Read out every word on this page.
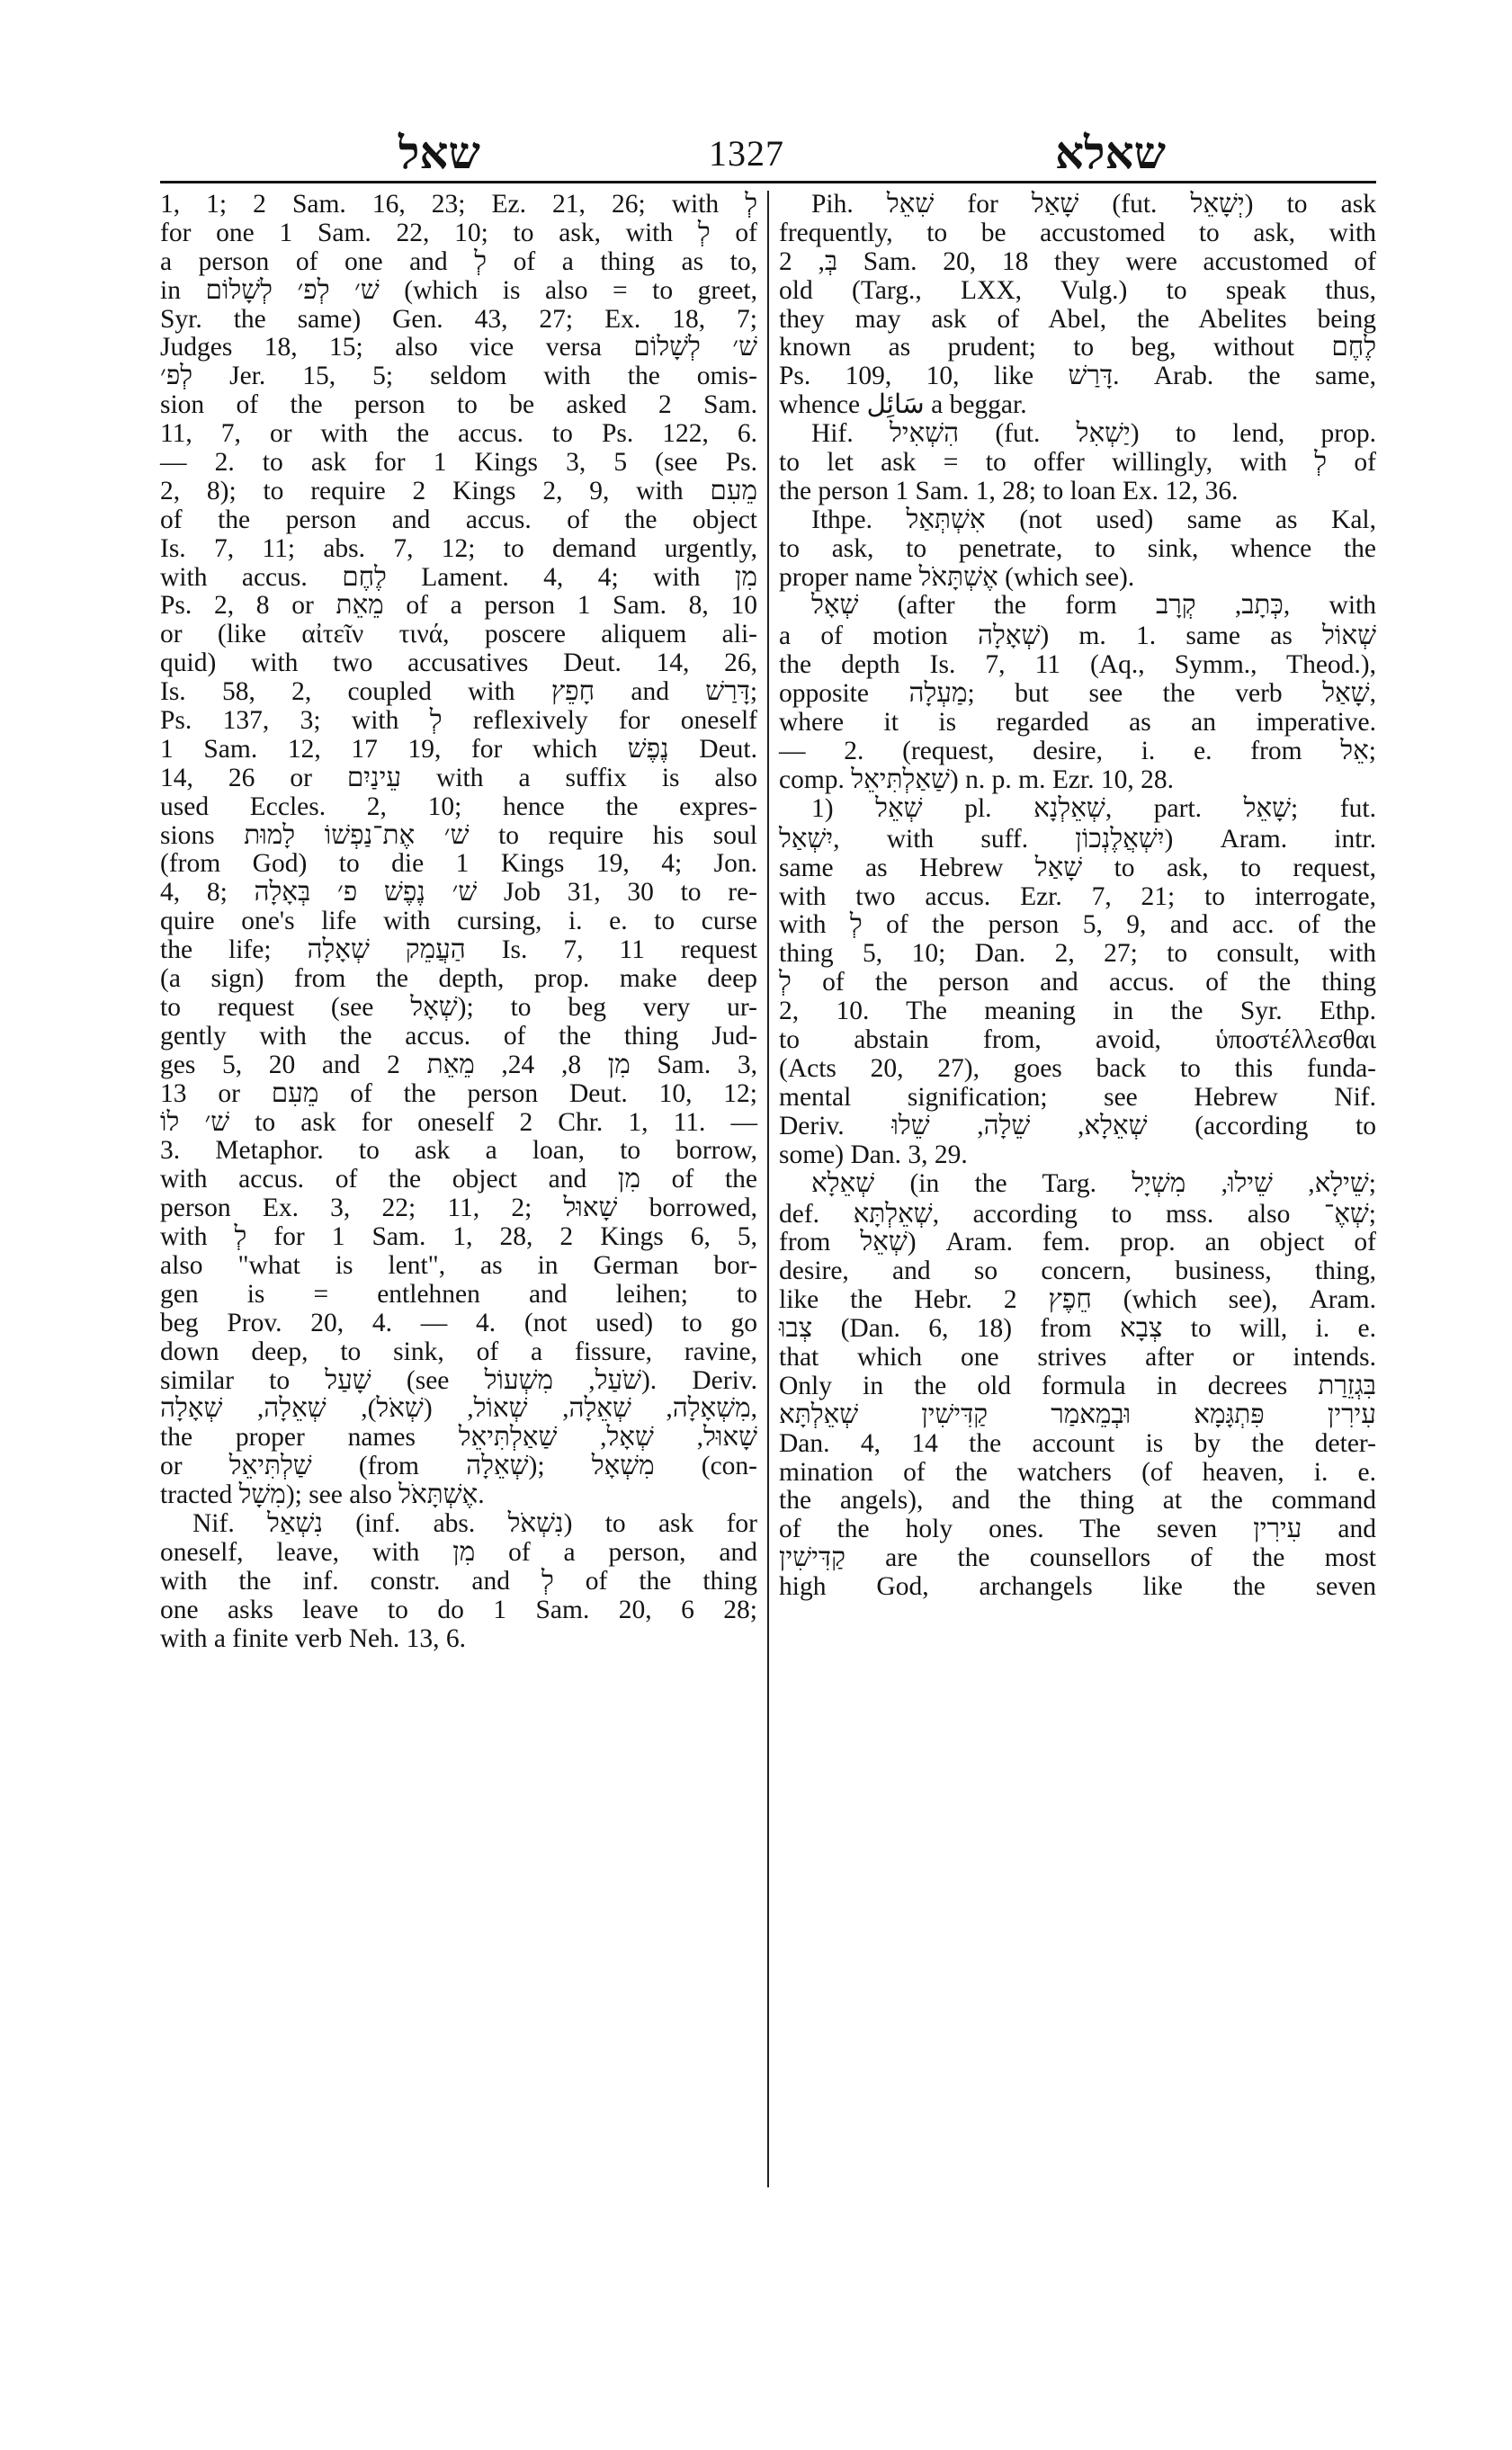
שאל	1327	שאלא
1, 1; 2 Sam. 16, 23; Ez. 21, 26; with לְ
for one 1 Sam. 22, 10; to ask, with לְ of
a person of one and לְ of a thing as to,
in שׁ׳ לְפ׳ לְשָׁלוֹם (which is also = to greet,
Syr. the same) Gen. 43, 27; Ex. 18, 7;
Judges 18, 15; also vice versa שׁ׳ לְשָׁלוֹם
לְפ׳ Jer. 15, 5; seldom with the omis-
sion of the person to be asked 2 Sam.
11, 7, or with the accus. to Ps. 122, 6.
— 2. to ask for 1 Kings 3, 5 (see Ps.
2, 8); to require 2 Kings 2, 9, with מֵעִם
of the person and accus. of the object
Is. 7, 11; abs. 7, 12; to demand urgently,
with accus. לֶחֶם Lament. 4, 4; with מִן
Ps. 2, 8 or מֵאֵת of a person 1 Sam. 8, 10
or (like αἰτεῖν τινά, poscere aliquem ali-
quid) with two accusatives Deut. 14, 26,
Is. 58, 2, coupled with חָפֵץ and דָּרַשׁ;
Ps. 137, 3; with לְ reflexively for oneself
1 Sam. 12, 17 19, for which נֶפֶשׁ Deut.
14, 26 or עֵינַיִם with a suffix is also
used Eccles. 2, 10; hence the expres-
sions שׁ׳ אֶת־נַפְשׁוֹ לָמוּת to require his soul
(from God) to die 1 Kings 19, 4; Jon.
4, 8; שׁ׳ נֶפֶשׁ פ׳ בְּאָלָה Job 31, 30 to re-
quire one's life with cursing, i. e. to curse
the life; הַעֲמֵק שְׁאָלָה Is. 7, 11 request
(a sign) from the depth, prop. make deep
to request (see שְׁאָל); to beg very ur-
gently with the accus. of the thing Jud-
ges 5, 20 and מִן 8, 24, מֵאֵת 2 Sam. 3,
13 or מֵעִם of the person Deut. 10, 12;
שׁ׳ לוֹ to ask for oneself 2 Chr. 1, 11. —
3. Metaphor. to ask a loan, to borrow,
with accus. of the object and מִן of the
person Ex. 3, 22; 11, 2; שָׁאוּל borrowed,
with לְ for 1 Sam. 1, 28, 2 Kings 6, 5,
also "what is lent", as in German bor-
gen is = entlehnen and leihen; to
beg Prov. 20, 4. — 4. (not used) to go
down deep, to sink, of a fissure, ravine,
similar to שָׁעַל (see שֹׁעַל, מִשְׁעוֹל). Deriv.
מִשְׁאָלָה, שְׁאֵלָה, שְׁאוֹל, (שְׁאֹל), שְׁאֵלָה, שְׁאָלָה,
the proper names שָׁאוּל, שְׁאָל, שַׁאַלְתִּיאֵל
or שַׁלְתִּיאֵל (from שְׁאֵלָה); מִשְׁאָל (con-
tracted מִשָׁל); see also אֶשְׁתָּאֹל.
Nif. נִשְׁאַל (inf. abs. נִשְׁאֹל) to ask for
oneself, leave, with מִן of a person, and
with the inf. constr. and לְ of the thing
one asks leave to do 1 Sam. 20, 6 28;
with a finite verb Neh. 13, 6.
Pih. שִׁאֵל for שָׁאַל (fut. יְשָׁאֵל) to ask
frequently, to be accustomed to ask, with
בְּ, 2 Sam. 20, 18 they were accustomed of
old (Targ., LXX, Vulg.) to speak thus,
they may ask of Abel, the Abelites being
known as prudent; to beg, without לֶחֶם
Ps. 109, 10, like דָּרַשׁ. Arab. the same,
whence سَائِل a beggar.
Hif. הִשְׁאִיל (fut. יַשְׁאִל) to lend, prop.
to let ask = to offer willingly, with לְ of
the person 1 Sam. 1, 28; to loan Ex. 12, 36.
Ithpe. אִשְׁתְּאַל (not used) same as Kal,
to ask, to penetrate, to sink, whence the
proper name אֶשְׁתָּאֹל (which see).
שְׁאָל (after the form כְּתָב, קְרָב, with
a of motion שְׁאָלָה) m. 1. same as שְׁאוֹל
the depth Is. 7, 11 (Aq., Symm., Theod.),
opposite מַעְלָה; but see the verb שָׁאַל,
where it is regarded as an imperative.
— 2. (request, desire, i. e. from אֵל;
comp. שַׁאַלְתִּיאֵל) n. p. m. Ezr. 10, 28.
שְׁאֵל (1 pl. שְׁאֵלְנָא, part. שָׁאֵל; fut.
יִשְׁאַל, with suff. יִשְׁאֲלֶנְכוֹן) Aram. intr.
same as Hebrew שָׁאַל to ask, to request,
with two accus. Ezr. 7, 21; to interrogate,
with לְ of the person 5, 9, and acc. of the
thing 5, 10; Dan. 2, 27; to consult, with
לְ of the person and accus. of the thing
2, 10. The meaning in the Syr. Ethp.
to abstain from, avoid, ὑποστέλλεσθαι
(Acts 20, 27), goes back to this funda-
mental signification; see Hebrew Nif.
Deriv. שְׁאֵלָא, שֵׁלָה, שֵׁלוּ (according to
some) Dan. 3, 29.
שְׁאֵלָא (in the Targ. שֵׁילָא, שֵׁילוּ, מִשְׁיָל;
def. שְׁאֵלְתָּא, according to mss. also שְׁאֶ־;
from שְׁאֵל) Aram. fem. prop. an object of
desire, and so concern, business, thing,
like the Hebr. חֵפֶץ 2 (which see), Aram.
צְבוּ (Dan. 6, 18) from צְבָא to will, i. e.
that which one strives after or intends.
Only in the old formula in decrees בִּגְזֵרַת
עִירִין פִּתְגָּמָא וּבְמֵאמַר קַדִּישִׁין שְׁאֵלְתָּא
Dan. 4, 14 the account is by the deter-
mination of the watchers (of heaven, i. e.
the angels), and the thing at the command
of the holy ones. The seven עִירִין and
קַדִּישִׁין are the counsellors of the most
high God, archangels like the seven
